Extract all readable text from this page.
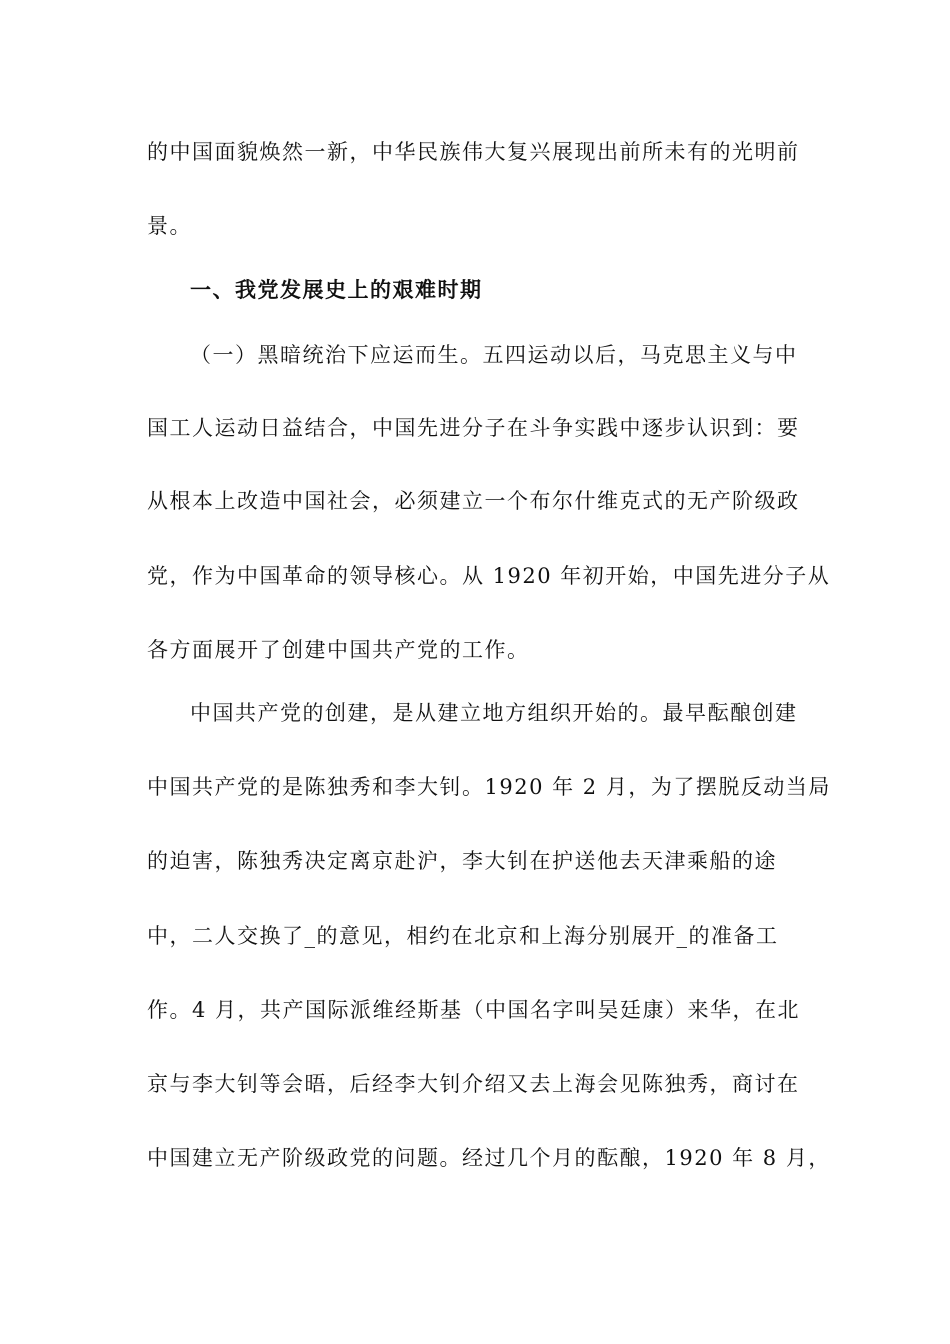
的中国面貌焕然一新，中华民族伟大复兴展现出前所未有的光明前
景。
一、我党发展史上的艰难时期
（一）黑暗统治下应运而生。五四运动以后，马克思主义与中
国工人运动日益结合，中国先进分子在斗争实践中逐步认识到：要
从根本上改造中国社会，必须建立一个布尔什维克式的无产阶级政
党，作为中国革命的领导核心。从 1920 年初开始，中国先进分子从
各方面展开了创建中国共产党的工作。
中国共产党的创建，是从建立地方组织开始的。最早酝酿创建
中国共产党的是陈独秀和李大钊。1920 年 2 月，为了摆脱反动当局
的迫害，陈独秀决定离京赴沪，李大钊在护送他去天津乘船的途
中，二人交换了_的意见，相约在北京和上海分别展开_的准备工
作。4 月，共产国际派维经斯基（中国名字叫吴廷康）来华，在北
京与李大钊等会晤，后经李大钊介绍又去上海会见陈独秀，商讨在
中国建立无产阶级政党的问题。经过几个月的酝酿，1920 年 8 月，
